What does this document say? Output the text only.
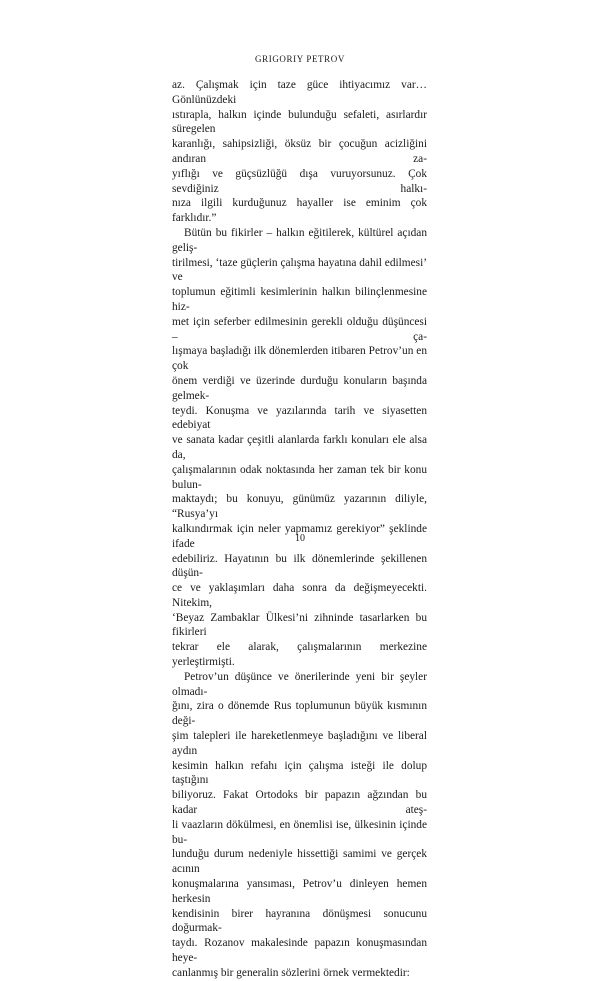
GRIGORIY PETROV

az. Çalışmak için taze güce ihtiyacımız var… Gönlünüzdeki

ıstırapla, halkın içinde bulunduğu sefaleti, asırlardır süregelen

karanlığı, sahipsizliği, öksüz bir çocuğun acizliğini andıran za-

yıflığı ve güçsüzlüğü dışa vuruyorsunuz. Çok sevdiğiniz halkı-

nıza ilgili kurduğunuz hayaller ise eminim çok farklıdır.”

Bütün bu fikirler – halkın eğitilerek, kültürel açıdan geliş-

tirilmesi, ‘taze güçlerin çalışma hayatına dahil edilmesi’ ve

toplumun eğitimli kesimlerinin halkın bilinçlenmesine hiz-

met için seferber edilmesinin gerekli olduğu düşüncesi – ça-

lışmaya başladığı ilk dönemlerden itibaren Petrov’un en çok

önem verdiği ve üzerinde durduğu konuların başında gelmek-

teydi. Konuşma ve yazılarında tarih ve siyasetten edebiyat

ve sanata kadar çeşitli alanlarda farklı konuları ele alsa da,

çalışmalarının odak noktasında her zaman tek bir konu bulun-

maktaydı; bu konuyu, günümüz yazarının diliyle, “Rusya’yı

kalkındırmak için neler yapmamız gerekiyor” şeklinde ifade

edebiliriz. Hayatının bu ilk dönemlerinde şekillenen düşün-

ce ve yaklaşımları daha sonra da değişmeyecekti. Nitekim,

‘Beyaz Zambaklar Ülkesi’ni zihninde tasarlarken bu fikirleri

tekrar ele alarak, çalışmalarının merkezine yerleştirmişti.

Petrov’un düşünce ve önerilerinde yeni bir şeyler olmadı-

ğını, zira o dönemde Rus toplumunun büyük kısmının deği-

şim talepleri ile hareketlenmeye başladığını ve liberal aydın

kesimin halkın refahı için çalışma isteği ile dolup taştığını

biliyoruz. Fakat Ortodoks bir papazın ağzından bu kadar ateş-

li vaazların dökülmesi, en önemlisi ise, ülkesinin içinde bu-

lunduğu durum nedeniyle hissettiği samimi ve gerçek acının

konuşmalarına yansıması, Petrov’u dinleyen hemen herkesin

kendisinin birer hayranına dönüşmesi sonucunu doğurmak-

taydı. Rozanov makalesinde papazın konuşmasından heye-

canlanmış bir generalin sözlerini örnek vermektedir:

10
